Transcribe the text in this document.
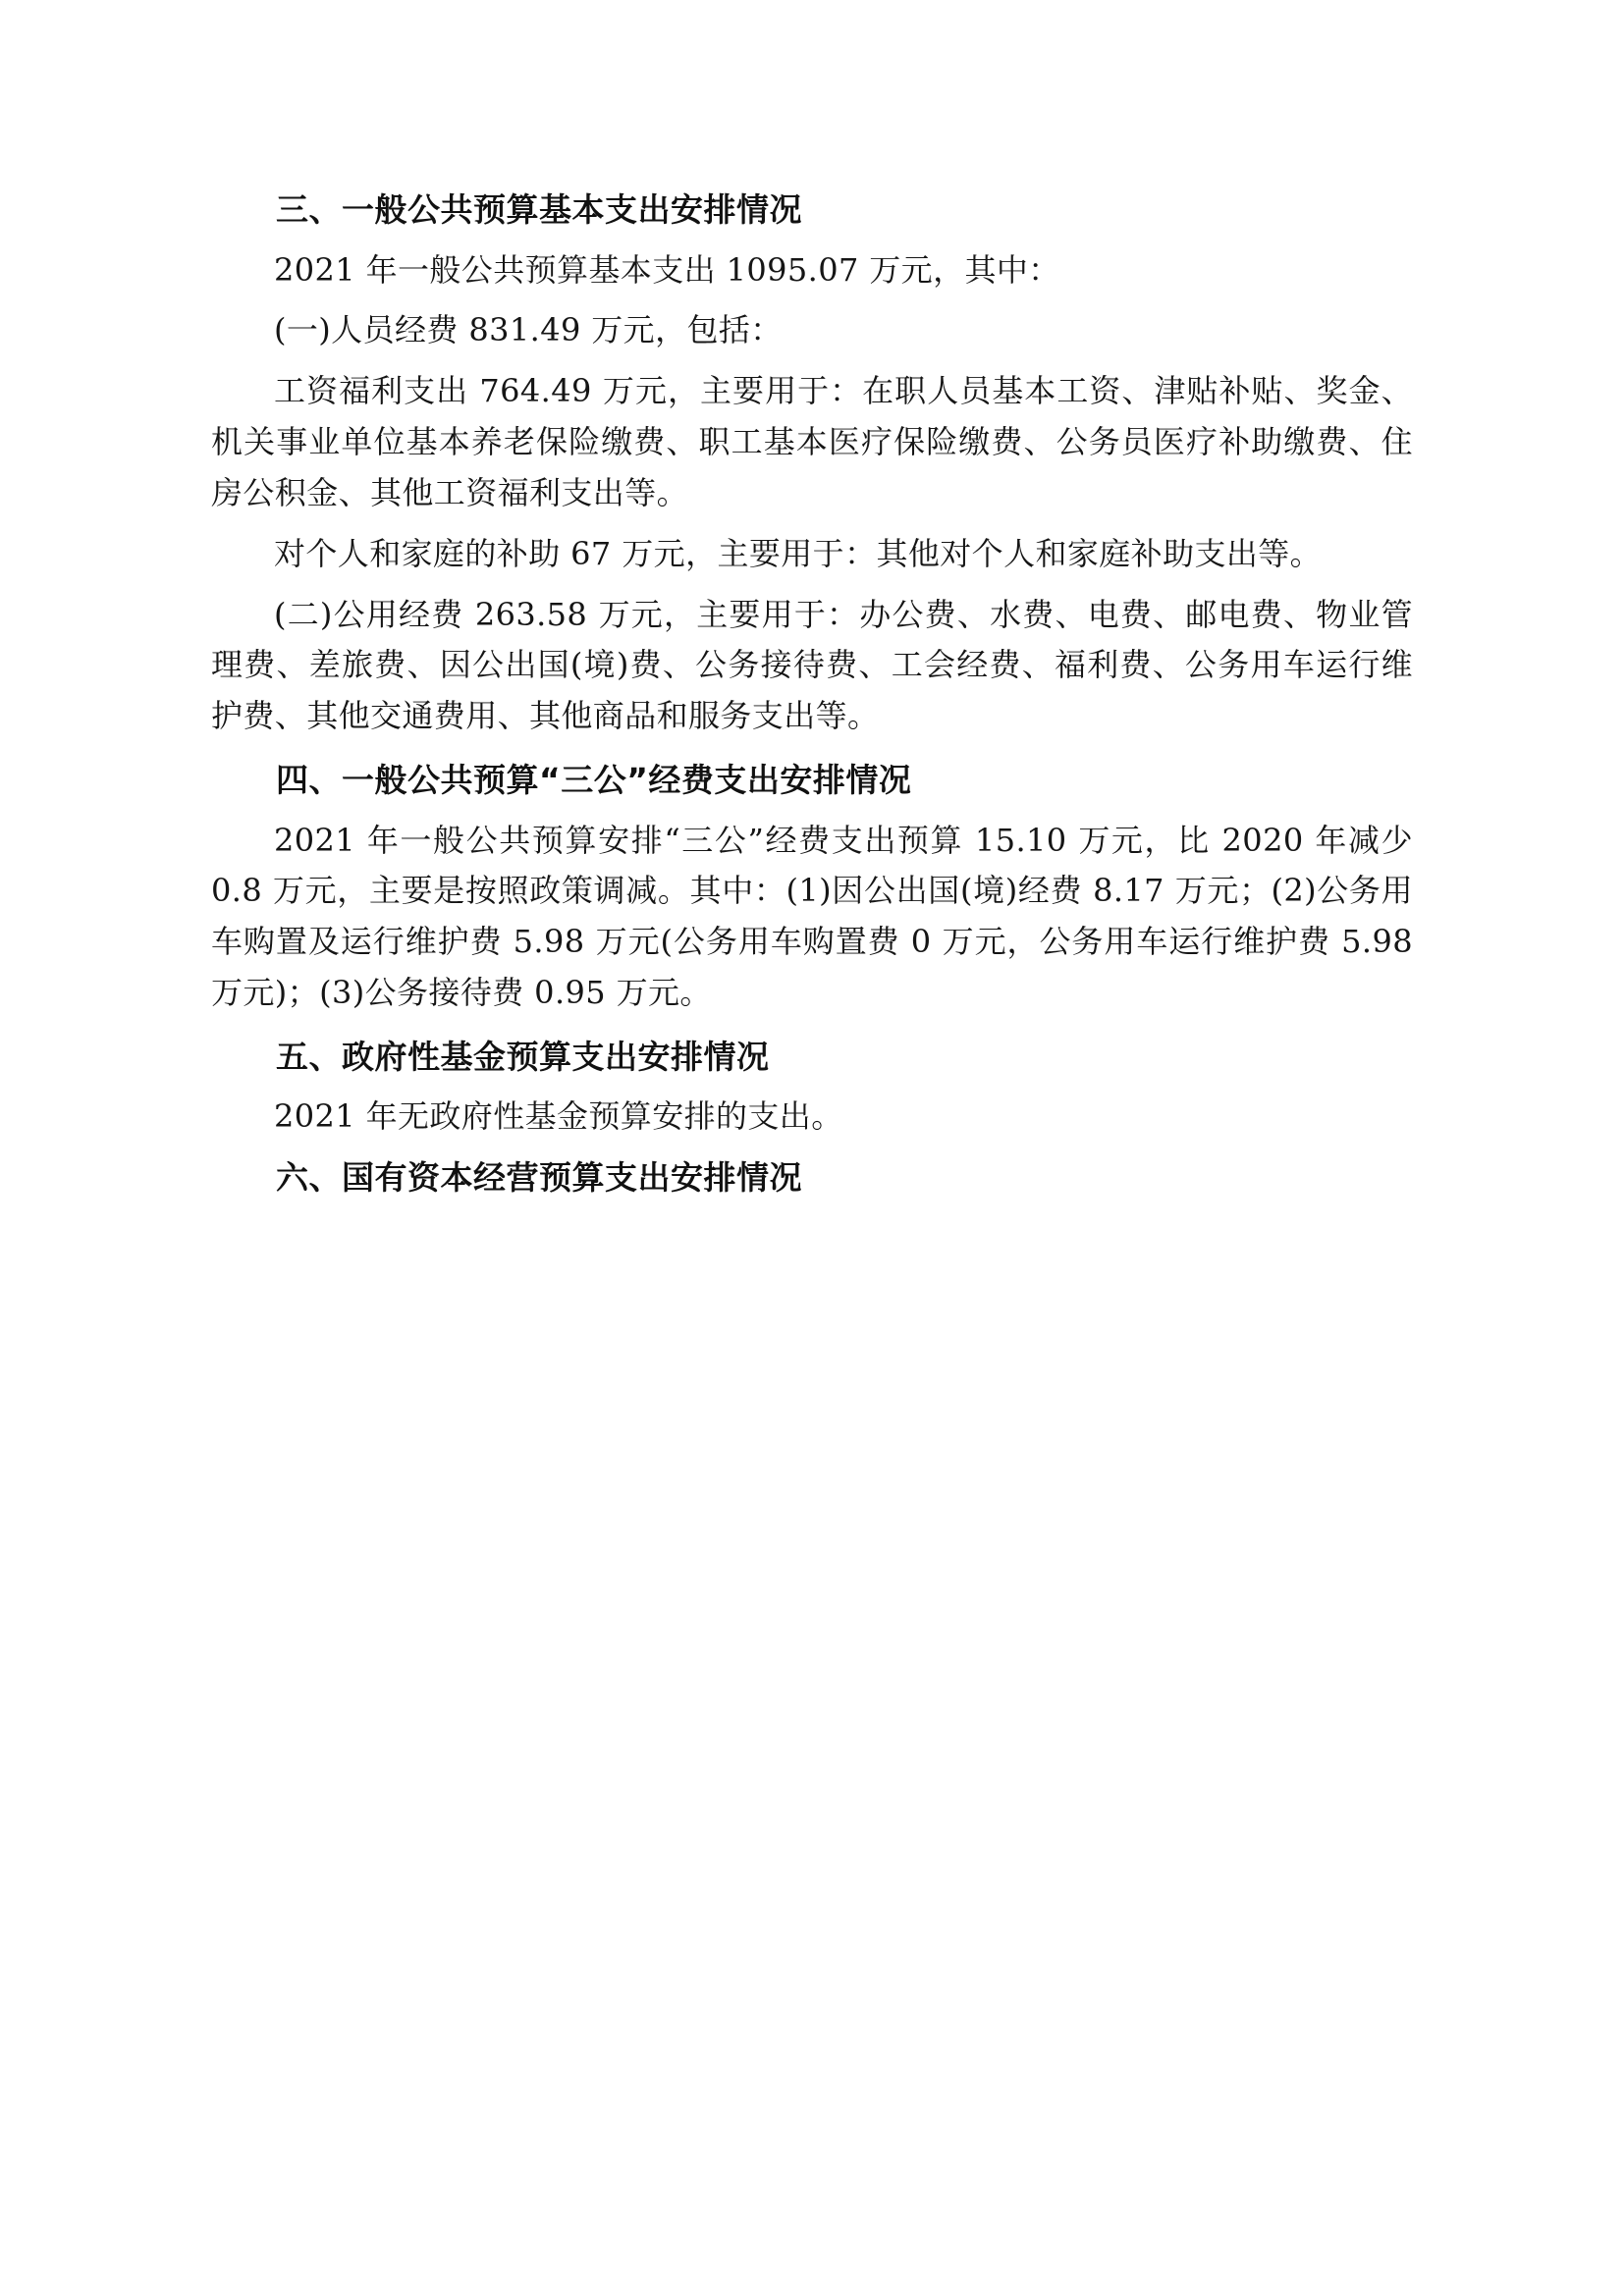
三、一般公共预算基本支出安排情况

2021 年一般公共预算基本支出 1095.07 万元，其中：

(一)人员经费 831.49 万元，包括：

工资福利支出 764.49 万元，主要用于：在职人员基本工资、津贴补贴、奖金、机关事业单位基本养老保险缴费、职工基本医疗保险缴费、公务员医疗补助缴费、住房公积金、其他工资福利支出等。

对个人和家庭的补助 67 万元，主要用于：其他对个人和家庭补助支出等。

(二)公用经费 263.58 万元，主要用于：办公费、水费、电费、邮电费、物业管理费、差旅费、因公出国(境)费、公务接待费、工会经费、福利费、公务用车运行维护费、其他交通费用、其他商品和服务支出等。

四、一般公共预算“三公”经费支出安排情况

2021 年一般公共预算安排“三公”经费支出预算 15.10 万元，比 2020 年减少 0.8 万元，主要是按照政策调减。其中：(1)因公出国(境)经费 8.17 万元；(2)公务用车购置及运行维护费 5.98 万元(公务用车购置费 0 万元，公务用车运行维护费 5.98 万元)；(3)公务接待费 0.95 万元。

五、政府性基金预算支出安排情况

2021 年无政府性基金预算安排的支出。

六、国有资本经营预算支出安排情况
